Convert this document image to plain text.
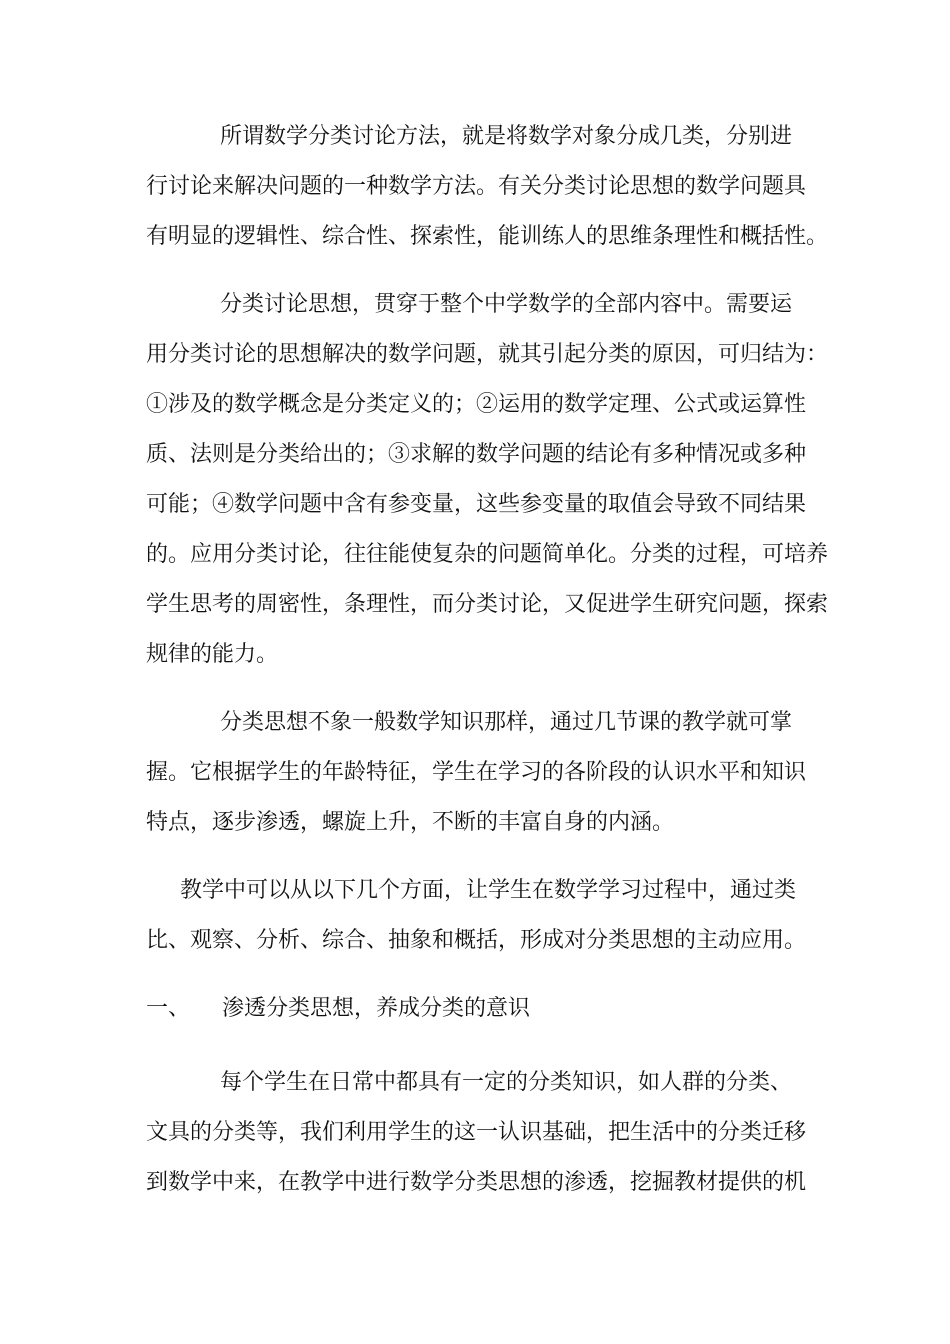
所谓数学分类讨论方法，就是将数学对象分成几类，分别进
行讨论来解决问题的一种数学方法。有关分类讨论思想的数学问题具
有明显的逻辑性、综合性、探索性，能训练人的思维条理性和概括性。
分类讨论思想，贯穿于整个中学数学的全部内容中。需要运
用分类讨论的思想解决的数学问题，就其引起分类的原因，可归结为：
①涉及的数学概念是分类定义的；②运用的数学定理、公式或运算性
质、法则是分类给出的；③求解的数学问题的结论有多种情况或多种
可能；④数学问题中含有参变量，这些参变量的取值会导致不同结果
的。应用分类讨论，往往能使复杂的问题简单化。分类的过程，可培养
学生思考的周密性，条理性，而分类讨论，又促进学生研究问题，探索
规律的能力。
分类思想不象一般数学知识那样，通过几节课的教学就可掌
握。它根据学生的年龄特征，学生在学习的各阶段的认识水平和知识
特点，逐步渗透，螺旋上升，不断的丰富自身的内涵。
教学中可以从以下几个方面，让学生在数学学习过程中，通过类
比、观察、分析、综合、抽象和概括，形成对分类思想的主动应用。
一、	渗透分类思想，养成分类的意识
每个学生在日常中都具有一定的分类知识，如人群的分类、
文具的分类等，我们利用学生的这一认识基础，把生活中的分类迁移
到数学中来，在教学中进行数学分类思想的渗透，挖掘教材提供的机
